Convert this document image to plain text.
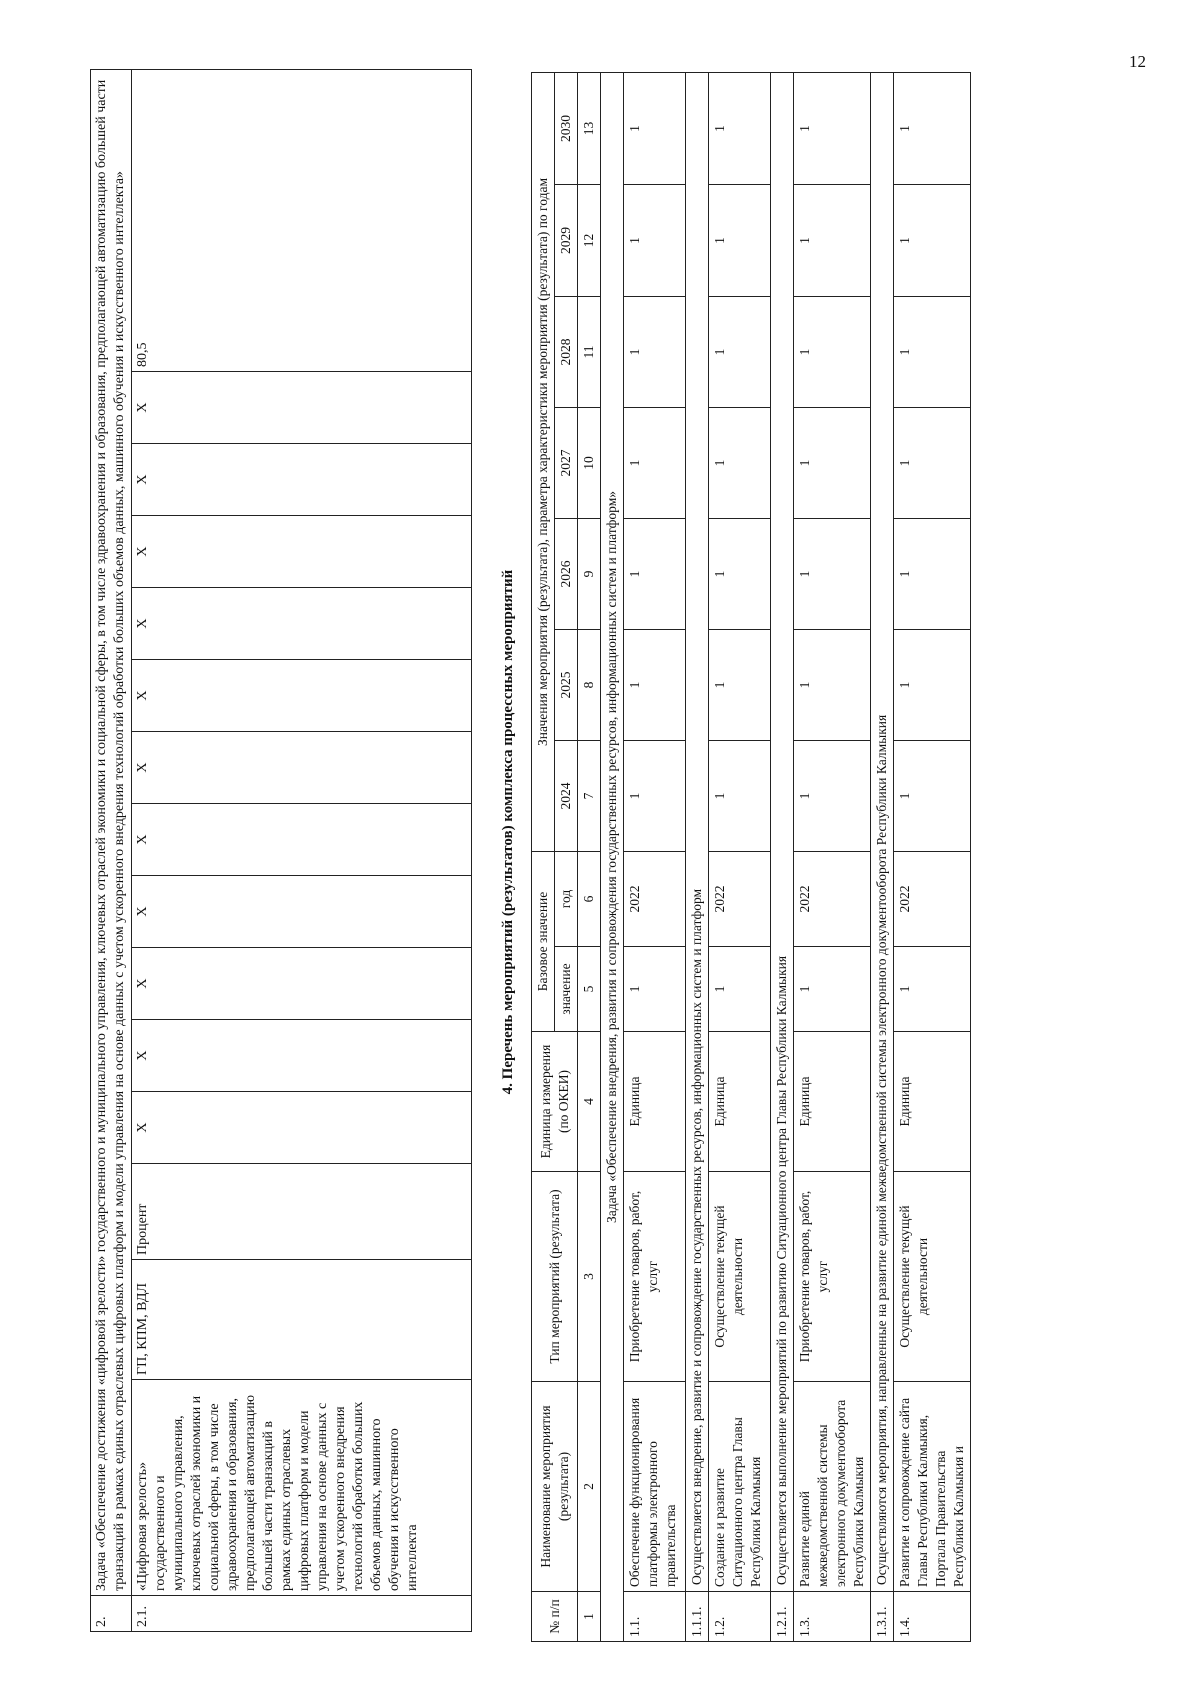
12
2.	Задача «Обеспечение достижения «цифровой зрелости» государственного и муниципального управления, ключевых отраслей экономики и социальной сферы, в том числе здравоохранения и образования, предполагающей автоматизацию большей части транзакций в рамках единых отраслевых цифровых платформ и модели управления на основе данных с учетом ускоренного внедрения технологий обработки больших объемов данных, машинного обучения и искусственного интеллекта»														
2.1.	«Цифровая зрелость» государственного и муниципального управления, ключевых отраслей экономики и социальной сферы, в том числе здравоохранения и образования, предполагающей автоматизацию большей части транзакций в рамках единых отраслевых цифровых платформ и модели управления на основе данных с учетом ускоренного внедрения технологий обработки больших объемов данных, машинного обучения и искусственного интеллекта	ГП, КПМ, ВДЛ	Процент	X	X	X	X	X	X	X	X	X	X	X	80,5
4. Перечень мероприятий (результатов) комплекса процессных мероприятий
№ п/п	Наименование мероприятия (результата)	Тип мероприятий (результата)	Единица измерения (по ОКЕИ)	Базовое значение		Значения мероприятия (результата), параметра характеристики мероприятия (результата) по годам						
				значение	год	2024	2025	2026	2027	2028	2029	2030
1	2	3	4	5	6	7	8	9	10	11	12	13
Задача «Обеспечение внедрения, развития и сопровождения государственных ресурсов, информационных систем и платформ»												
1.1.	Обеспечение функционирования платформы электронного правительства	Приобретение товаров, работ, услуг	Единица	1	2022	1	1	1	1	1	1	1
1.1.1.	Осуществляется внедрение, развитие и сопровождение государственных ресурсов, информационных систем и платформ											
1.2.	Создание и развитие Ситуационного центра Главы Республики Калмыкия	Осуществление текущей деятельности	Единица	1	2022	1	1	1	1	1	1	1
1.2.1.	Осуществляется выполнение мероприятий по развитию Ситуационного центра Главы Республики Калмыкия											
1.3.	Развитие единой межведомственной системы электронного документооборота Республики Калмыкия	Приобретение товаров, работ, услуг	Единица	1	2022	1	1	1	1	1	1	1
1.3.1.	Осуществляются мероприятия, направленные на развитие единой межведомственной системы электронного документооборота Республики Калмыкия											
1.4.	Развитие и сопровождение сайта Главы Республики Калмыкия, Портала Правительства Республики Калмыкия и	Осуществление текущей деятельности	Единица	1	2022	1	1	1	1	1	1	1
